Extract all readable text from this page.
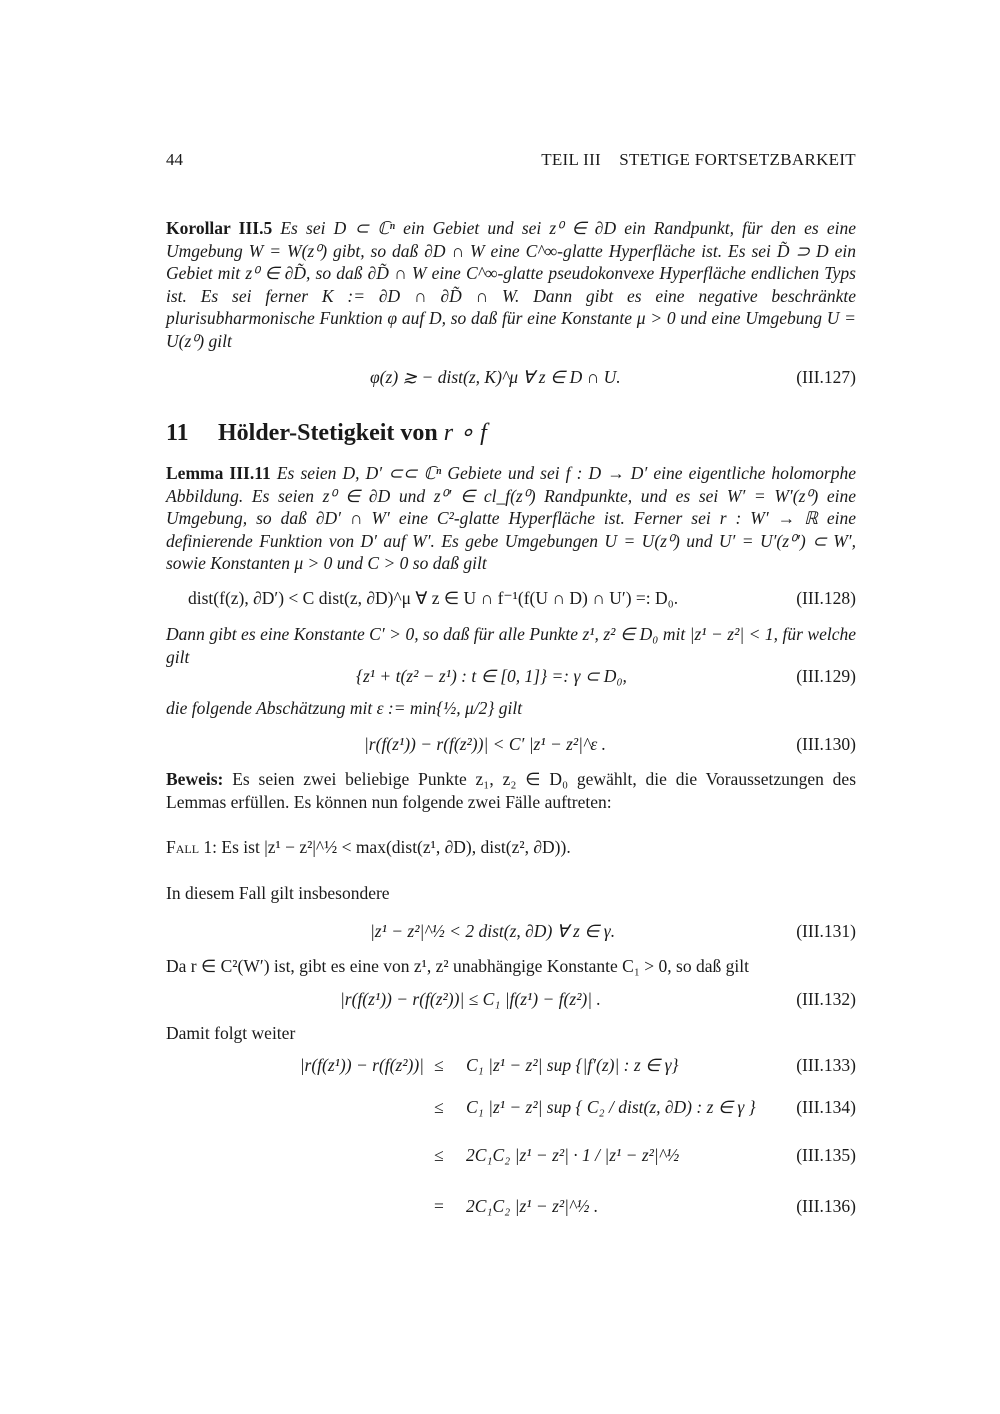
44	TEIL III    STETIGE FORTSETZBARKEIT
Korollar III.5 Es sei D ⊂ ℂⁿ ein Gebiet und sei z⁰ ∈ ∂D ein Randpunkt, für den es eine Umgebung W = W(z⁰) gibt, so daß ∂D ∩ W eine C^∞-glatte Hyperfläche ist. Es sei D̃ ⊃ D ein Gebiet mit z⁰ ∈ ∂D̃, so daß ∂D̃ ∩ W eine C^∞-glatte pseudokonvexe Hyperfläche endlichen Typs ist. Es sei ferner K := ∂D ∩ ∂D̃ ∩ W. Dann gibt es eine negative beschränkte plurisubharmonische Funktion φ auf D, so daß für eine Konstante μ > 0 und eine Umgebung U = U(z⁰) gilt
φ(z) ≳ − dist(z, K)^μ ∀ z ∈ D ∩ U.	(III.127)
11 Hölder-Stetigkeit von r ∘ f
Lemma III.11 Es seien D, D′ ⊂⊂ ℂⁿ Gebiete und sei f : D → D′ eine eigentliche holomorphe Abbildung. Es seien z⁰ ∈ ∂D und z⁰′ ∈ cl_f(z⁰) Randpunkte, und es sei W′ = W′(z⁰) eine Umgebung, so daß ∂D′ ∩ W′ eine C²-glatte Hyperfläche ist. Ferner sei r : W′ → ℝ eine definierende Funktion von D′ auf W′. Es gebe Umgebungen U = U(z⁰) und U′ = U′(z⁰′) ⊂ W′, sowie Konstanten μ > 0 und C > 0 so daß gilt
dist(f(z), ∂D′) < C dist(z, ∂D)^μ ∀ z ∈ U ∩ f⁻¹(f(U ∩ D) ∩ U′) =: D₀.	(III.128)
Dann gibt es eine Konstante C′ > 0, so daß für alle Punkte z¹, z² ∈ D₀ mit |z¹ − z²| < 1, für welche gilt
{z¹ + t(z² − z¹) : t ∈ [0, 1]} =: γ ⊂ D₀,	(III.129)
die folgende Abschätzung mit ε := min{½, μ/2} gilt
|r(f(z¹)) − r(f(z²))| < C′ |z¹ − z²|^ε .	(III.130)
Beweis: Es seien zwei beliebige Punkte z₁, z₂ ∈ D₀ gewählt, die die Voraussetzungen des Lemmas erfüllen. Es können nun folgende zwei Fälle auftreten:
Fall 1: Es ist |z¹ − z²|^½ < max(dist(z¹, ∂D), dist(z², ∂D)).
In diesem Fall gilt insbesondere
|z¹ − z²|^½ < 2 dist(z, ∂D) ∀ z ∈ γ.	(III.131)
Da r ∈ C²(W′) ist, gibt es eine von z¹, z² unabhängige Konstante C₁ > 0, so daß gilt
|r(f(z¹)) − r(f(z²))| ≤ C₁ |f(z¹) − f(z²)| .	(III.132)
Damit folgt weiter
|r(f(z¹)) − r(f(z²))| ≤ C₁ |z¹ − z²| sup {|f′(z)| : z ∈ γ}	(III.133)
≤ C₁ |z¹ − z²| sup { C₂ / dist(z, ∂D) : z ∈ γ } (III.134)
≤ 2C₁C₂ |z¹ − z²| · 1 / |z¹ − z²|^½	(III.135)
= 2C₁C₂ |z¹ − z²|^½ .	(III.136)
